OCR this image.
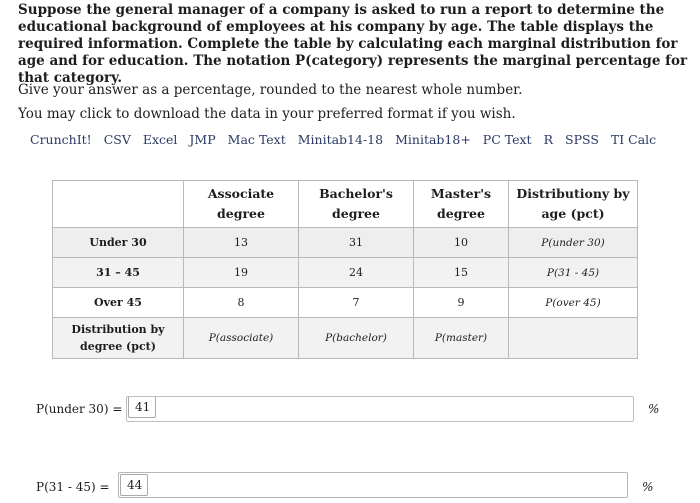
Suppose the general manager of a company is asked to run a report to determine the educational background of employees at his company by age. The table displays the required information. Complete the table by calculating each marginal distribution for age and for education. The notation P(category) represents the marginal percentage for that category.
Give your answer as a percentage, rounded to the nearest whole number.
You may click to download the data in your preferred format if you wish.
CrunchIt! CSV Excel JMP Mac Text Minitab14-18 Minitab18+ PC Text R SPSS TI Calc
	Associate degree	Bachelor's degree	Master's degree	Distributiony by age (pct)
Under 30	13	31	10	P(under 30)
31 – 45	19	24	15	P(31 - 45)
Over 45	8	7	9	P(over 45)
Distribution by degree (pct)	P(associate)	P(bachelor)	P(master)	
P(under 30) =	41	%
P(31 - 45) =	44	%
